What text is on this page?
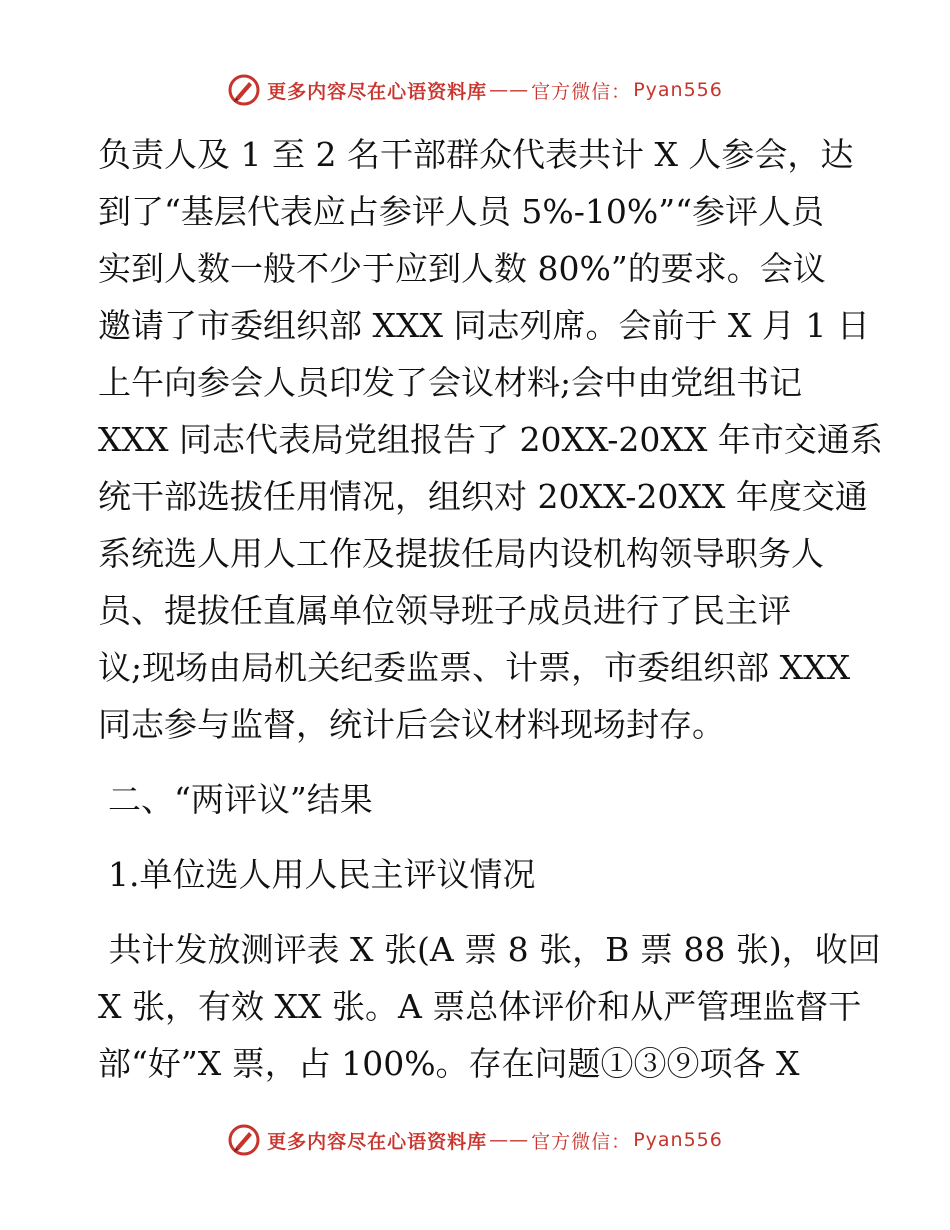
更多内容尽在心语资料库 —— 官方微信： Pyan556
负责人及 1 至 2 名干部群众代表共计 X 人参会，达
到了“基层代表应占参评人员 5%-10%”“参评人员
实到人数一般不少于应到人数 80%”的要求。会议
邀请了市委组织部 XXX 同志列席。会前于 X 月 1 日
上午向参会人员印发了会议材料;会中由党组书记
XXX 同志代表局党组报告了 20XX-20XX 年市交通系
统干部选拔任用情况，组织对 20XX-20XX 年度交通
系统选人用人工作及提拔任局内设机构领导职务人
员、提拔任直属单位领导班子成员进行了民主评
议;现场由局机关纪委监票、计票，市委组织部 XXX
同志参与监督，统计后会议材料现场封存。
二、“两评议”结果
1.单位选人用人民主评议情况
共计发放测评表 X 张(A 票 8 张，B 票 88 张)，收回
X 张，有效 XX 张。A 票总体评价和从严管理监督干
部“好”X 票，占 100%。存在问题①③⑨项各 X
更多内容尽在心语资料库 —— 官方微信： Pyan556
